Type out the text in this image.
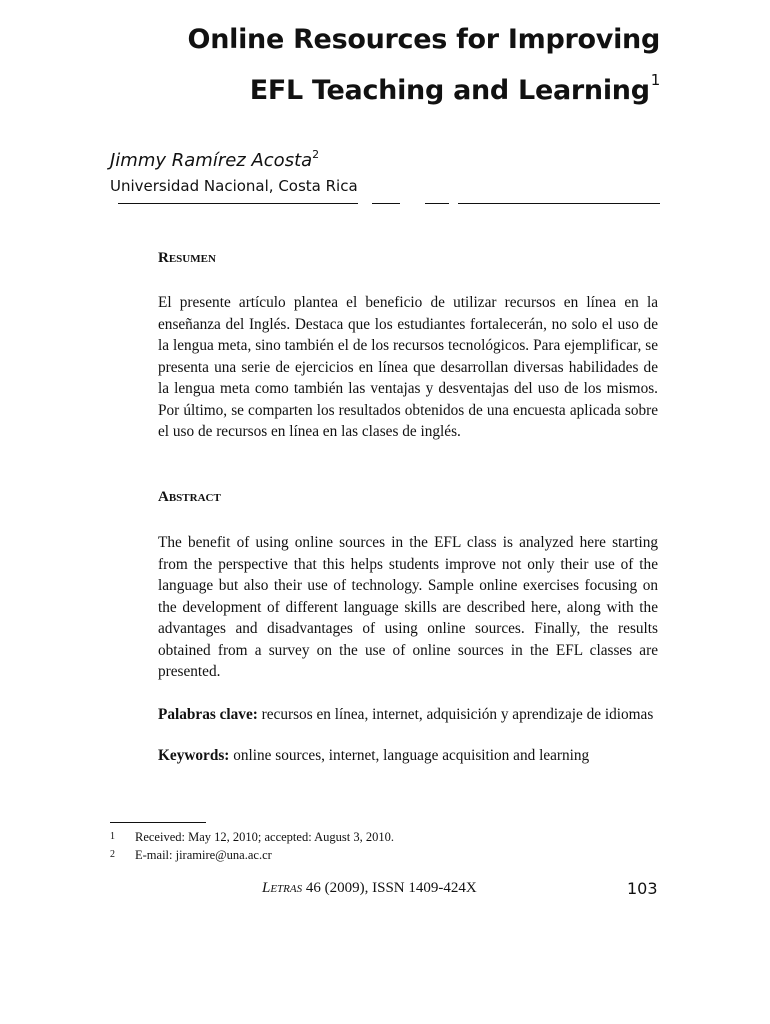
Online Resources for Improving
EFL Teaching and Learning$^1$
Jimmy Ramírez Acosta$^2$
Universidad Nacional, Costa Rica
Resumen

El presente artículo plantea el beneficio de utilizar recursos en línea en la enseñanza del Inglés. Destaca que los estudiantes fortalecerán, no solo el uso de la lengua meta, sino también el de los recursos tecnológicos. Para ejemplificar, se presenta una serie de ejercicios en línea que desarrollan diversas habilidades de la lengua meta como también las ventajas y desventajas del uso de los mismos. Por último, se comparten los resultados obtenidos de una encuesta aplicada sobre el uso de recursos en línea en las clases de inglés.

Abstract

The benefit of using online sources in the EFL class is analyzed here starting from the perspective that this helps students improve not only their use of the language but also their use of technology. Sample online exercises focusing on the development of different language skills are described here, along with the advantages and disadvantages of using online sources. Finally, the results obtained from a survey on the use of online sources in the EFL classes are presented.

Palabras clave: recursos en línea, internet, adquisición y aprendizaje de idiomas

Keywords: online sources, internet, language acquisition and learning

1 Received: May 12, 2010; accepted: August 3, 2010.
2 E-mail: jiramire@una.ac.cr
Letras 46 (2009), ISSN 1409-424X	103
